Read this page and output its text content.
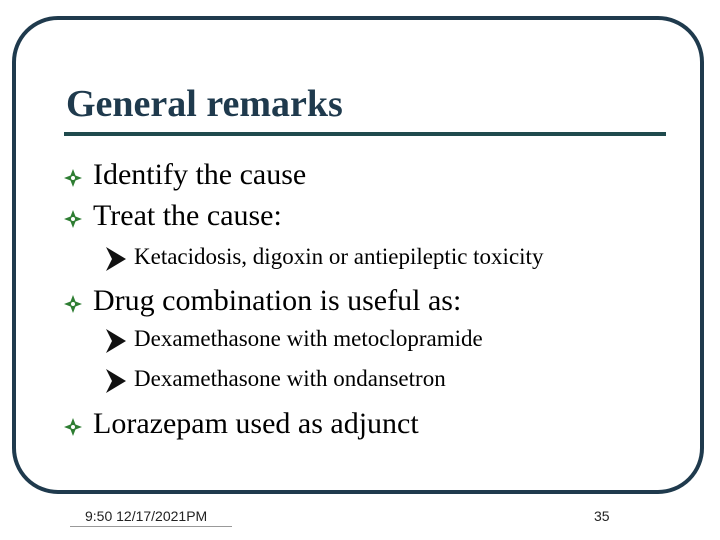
General remarks
Identify the cause
Treat the cause:
Ketacidosis, digoxin or antiepileptic toxicity
Drug combination is useful as:
Dexamethasone with metoclopramide
Dexamethasone with ondansetron
Lorazepam used as adjunct
9:50 12/17/2021PM	35
